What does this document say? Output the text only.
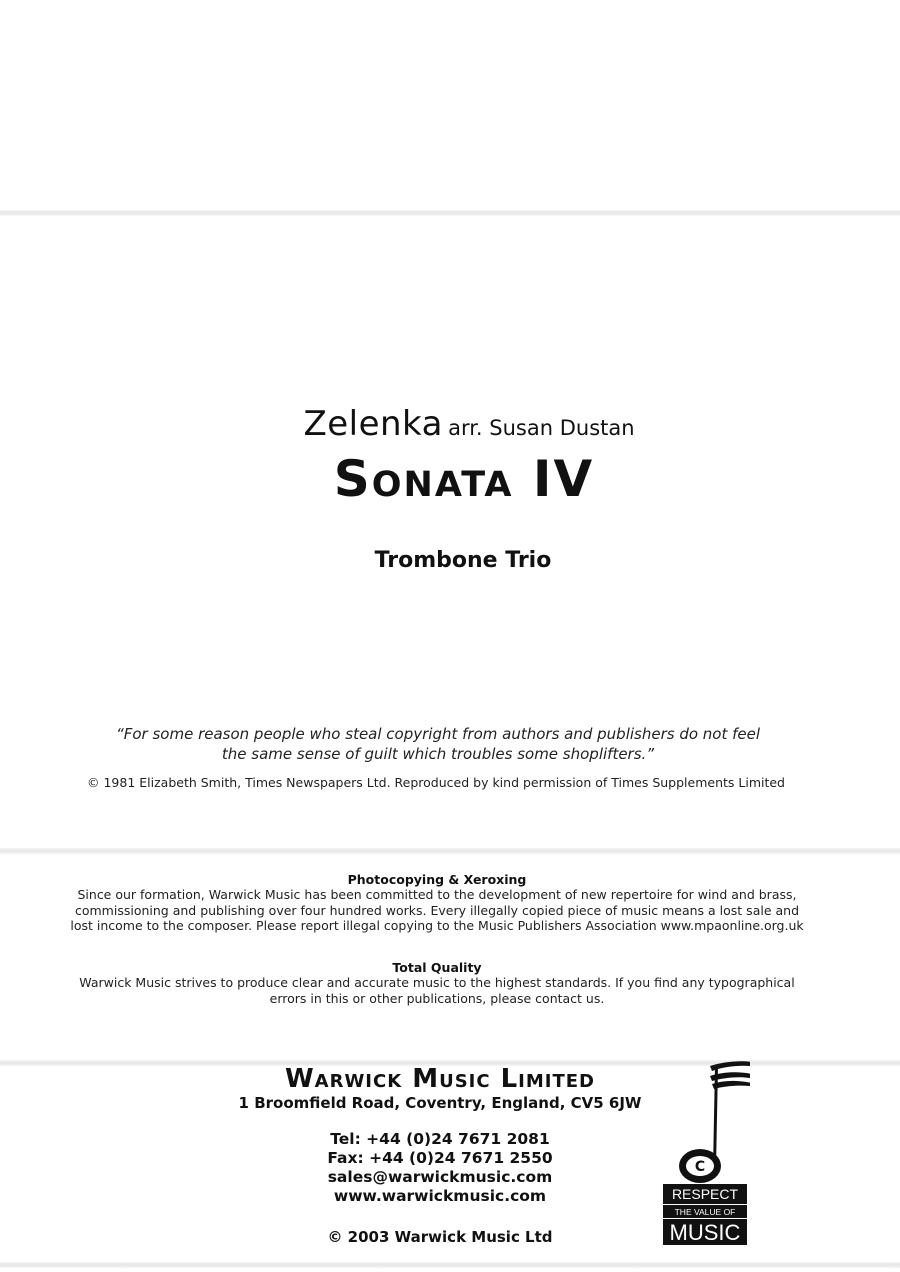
Zelenka arr. Susan Dustan
Sonata IV
Trombone Trio
“For some reason people who steal copyright from authors and publishers do not feel
the same sense of guilt which troubles some shoplifters.”
© 1981 Elizabeth Smith, Times Newspapers Ltd. Reproduced by kind permission of Times Supplements Limited
Photocopying & Xeroxing
Since our formation, Warwick Music has been committed to the development of new repertoire for wind and brass,
commissioning and publishing over four hundred works. Every illegally copied piece of music means a lost sale and
lost income to the composer. Please report illegal copying to the Music Publishers Association www.mpaonline.org.uk
Total Quality
Warwick Music strives to produce clear and accurate music to the highest standards. If you find any typographical
errors in this or other publications, please contact us.
Warwick Music Limited
1 Broomfield Road, Coventry, England, CV5 6JW
Tel: +44 (0)24 7671 2081
Fax: +44 (0)24 7671 2550
sales@warwickmusic.com
www.warwickmusic.com
© 2003 Warwick Music Ltd
C
RESPECT
THE VALUE OF
MUSIC
